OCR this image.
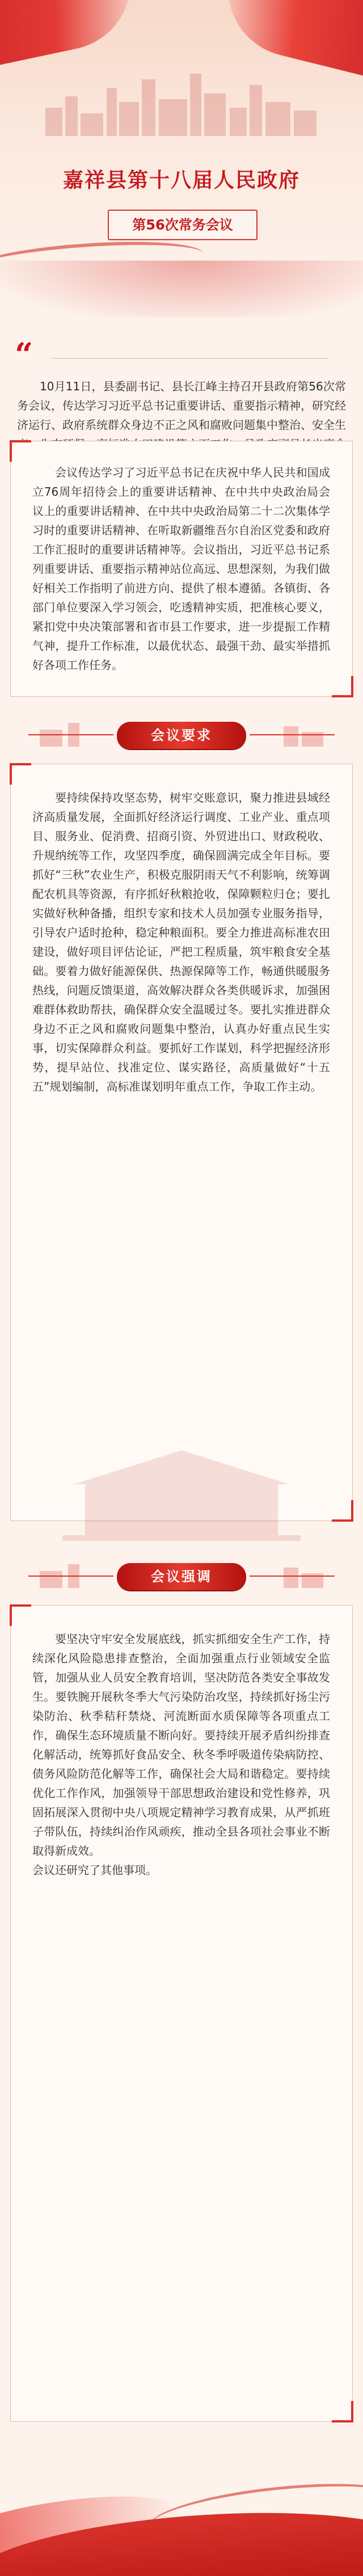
嘉祥县第十八届人民政府
第56次常务会议
“
10月11日，县委副书记、县长江峰主持召开县政府第56次常务会议，传达学习习近平总书记重要讲话、重要指示精神，研究经济运行、政府系统群众身边不正之风和腐败问题集中整治、安全生
会议传达学习了习近平总书记在庆祝中华人民共和国成立76周年招待会上的重要讲话精神、在中共中央政治局会议上的重要讲话精神、在中共中央政治局第二十二次集体学习时的重要讲话精神、在听取新疆维吾尔自治区党委和政府工作汇报时的重要讲话精神等。会议指出，习近平总书记系列重要讲话、重要指示精神站位高远、思想深刻，为我们做好相关工作指明了前进方向、提供了根本遵循。各镇街、各部门单位要深入学习领会，吃透精神实质，把准核心要义，紧扣党中央决策部署和省市县工作要求，进一步提振工作精气神，提升工作标准，以最优状态、最强干劲、最实举措抓好各项工作任务。
会议要求
要持续保持攻坚态势，树牢交账意识，聚力推进县域经济高质量发展，全面抓好经济运行调度、工业产业、重点项目、服务业、促消费、招商引资、外贸进出口、财政税收、升规纳统等工作，攻坚四季度，确保圆满完成全年目标。要抓好“三秋”农业生产，积极克服阴雨天气不利影响，统筹调配农机具等资源，有序抓好秋粮抢收，保障颗粒归仓；要扎实做好秋种备播，组织专家和技术人员加强专业服务指导，引导农户适时抢种，稳定种粮面积。要全力推进高标准农田建设，做好项目评估论证，严把工程质量，筑牢粮食安全基础。要着力做好能源保供、热源保障等工作，畅通供暖服务热线，问题反馈渠道，高效解决群众各类供暖诉求，加强困难群体救助帮扶，确保群众安全温暖过冬。要扎实推进群众身边不正之风和腐败问题集中整治，认真办好重点民生实事，切实保障群众利益。要抓好工作谋划，科学把握经济形势，提早站位、找准定位、谋实路径，高质量做好“十五五”规划编制，高标准谋划明年重点工作，争取工作主动。
会议强调
要坚决守牢安全发展底线，抓实抓细安全生产工作，持续深化风险隐患排查整治，全面加强重点行业领域安全监管，加强从业人员安全教育培训，坚决防范各类安全事故发生。要铁腕开展秋冬季大气污染防治攻坚，持续抓好扬尘污染防治、秋季秸秆禁烧、河流断面水质保障等各项重点工作，确保生态环境质量不断向好。要持续开展矛盾纠纷排查化解活动，统筹抓好食品安全、秋冬季呼吸道传染病防控、债务风险防范化解等工作，确保社会大局和谐稳定。要持续优化工作作风，加强领导干部思想政治建设和党性修养，巩固拓展深入贯彻中央八项规定精神学习教育成果，从严抓班子带队伍，持续纠治作风顽疾，推动全县各项社会事业不断取得新成效。
会议还研究了其他事项。
